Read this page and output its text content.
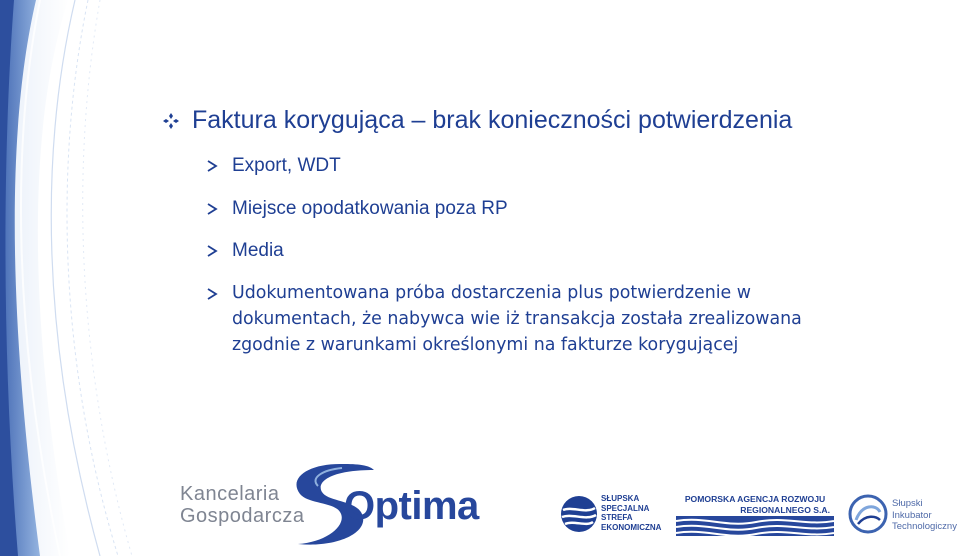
Faktura korygująca – brak konieczności potwierdzenia
Export, WDT
Miejsce opodatkowania poza RP
Media
Udokumentowana próba dostarczenia plus potwierdzenie w
dokumentach, że nabywca wie iż transakcja została zrealizowana
zgodnie z warunkami określonymi na fakturze korygującej
Kancelaria
Gospodarcza Optima	SŁUPSKA
SPECJALNA
STREFA
EKONOMICZNA
POMORSKA AGENCJA ROZWOJU
REGIONALNEGO S.A.
Słupski
Inkubator
Technologiczny
